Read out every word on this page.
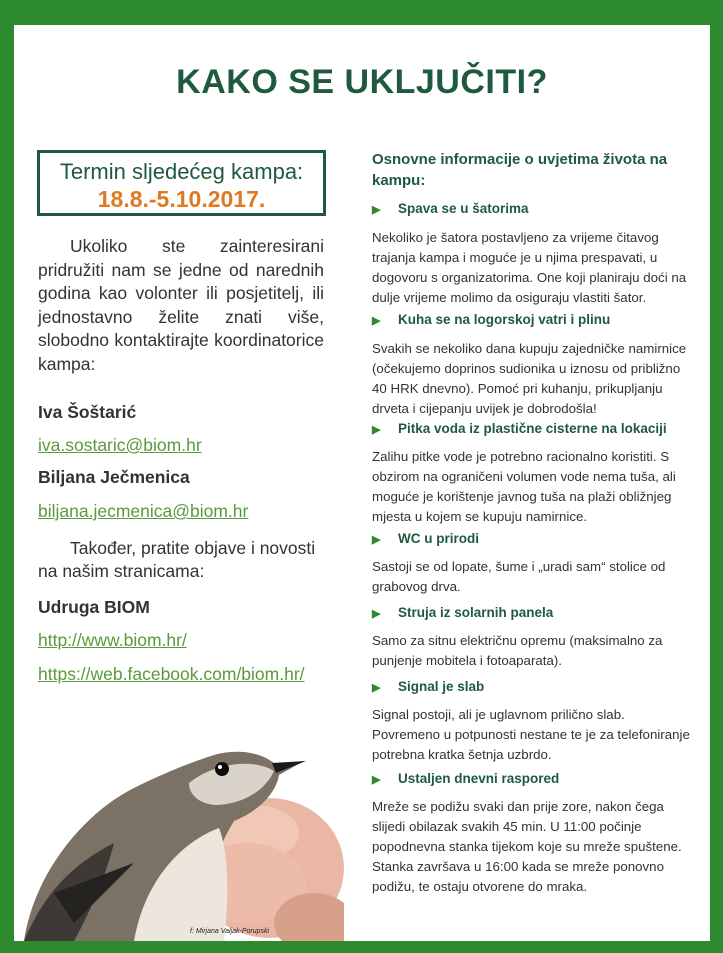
KAKO SE UKLJUČITI?
Termin sljedećeg kampa:
18.8.-5.10.2017.

Ukoliko ste zainteresirani pridružiti nam se jedne od narednih godina kao volonter ili posjetitelj, ili jednostavno želite znati više, slobodno kontaktirajte koordinatorice kampa:

Iva Šoštarić
iva.sostaric@biom.hr
Biljana Ječmenica
biljana.jecmenica@biom.hr

Također, pratite objave i novosti na našim stranicama:

Udruga BIOM
http://www.biom.hr/
https://web.facebook.com/biom.hr/
f: Mirjana Valjak-Porupski

Osnovne informacije o uvjetima života na kampu:

▶ Spava se u šatorima

Nekoliko je šatora postavljeno za vrijeme čitavog trajanja kampa i moguće je u njima prespavati, u dogovoru s organizatorima. One koji planiraju doći na dulje vrijeme molimo da osiguraju vlastiti šator.

▶ Kuha se na logorskoj vatri i plinu

Svakih se nekoliko dana kupuju zajedničke namirnice (očekujemo doprinos sudionika u iznosu od približno 40 HRK dnevno). Pomoć pri kuhanju, prikupljanju drveta i cijepanju uvijek je dobrodošla!

▶ Pitka voda iz plastične cisterne na lokaciji

Zalihu pitke vode je potrebno racionalno koristiti. S obzirom na ograničeni volumen vode nema tuša, ali moguće je korištenje javnog tuša na plaži obližnjeg mjesta u kojem se kupuju namirnice.

▶ WC u prirodi

Sastoji se od lopate, šume i „uradi sam“ stolice od grabovog drva.

▶ Struja iz solarnih panela

Samo za sitnu električnu opremu (maksimalno za punjenje mobitela i fotoaparata).

▶ Signal je slab

Signal postoji, ali je uglavnom prilično slab. Povremeno u potpunosti nestane te je za telefoniranje potrebna kratka šetnja uzbrdo.

▶ Ustaljen dnevni raspored

Mreže se podižu svaki dan prije zore, nakon čega slijedi obilazak svakih 45 min. U 11:00 počinje popodnevna stanka tijekom koje su mreže spuštene. Stanka završava u 16:00 kada se mreže ponovno podižu, te ostaju otvorene do mraka.
